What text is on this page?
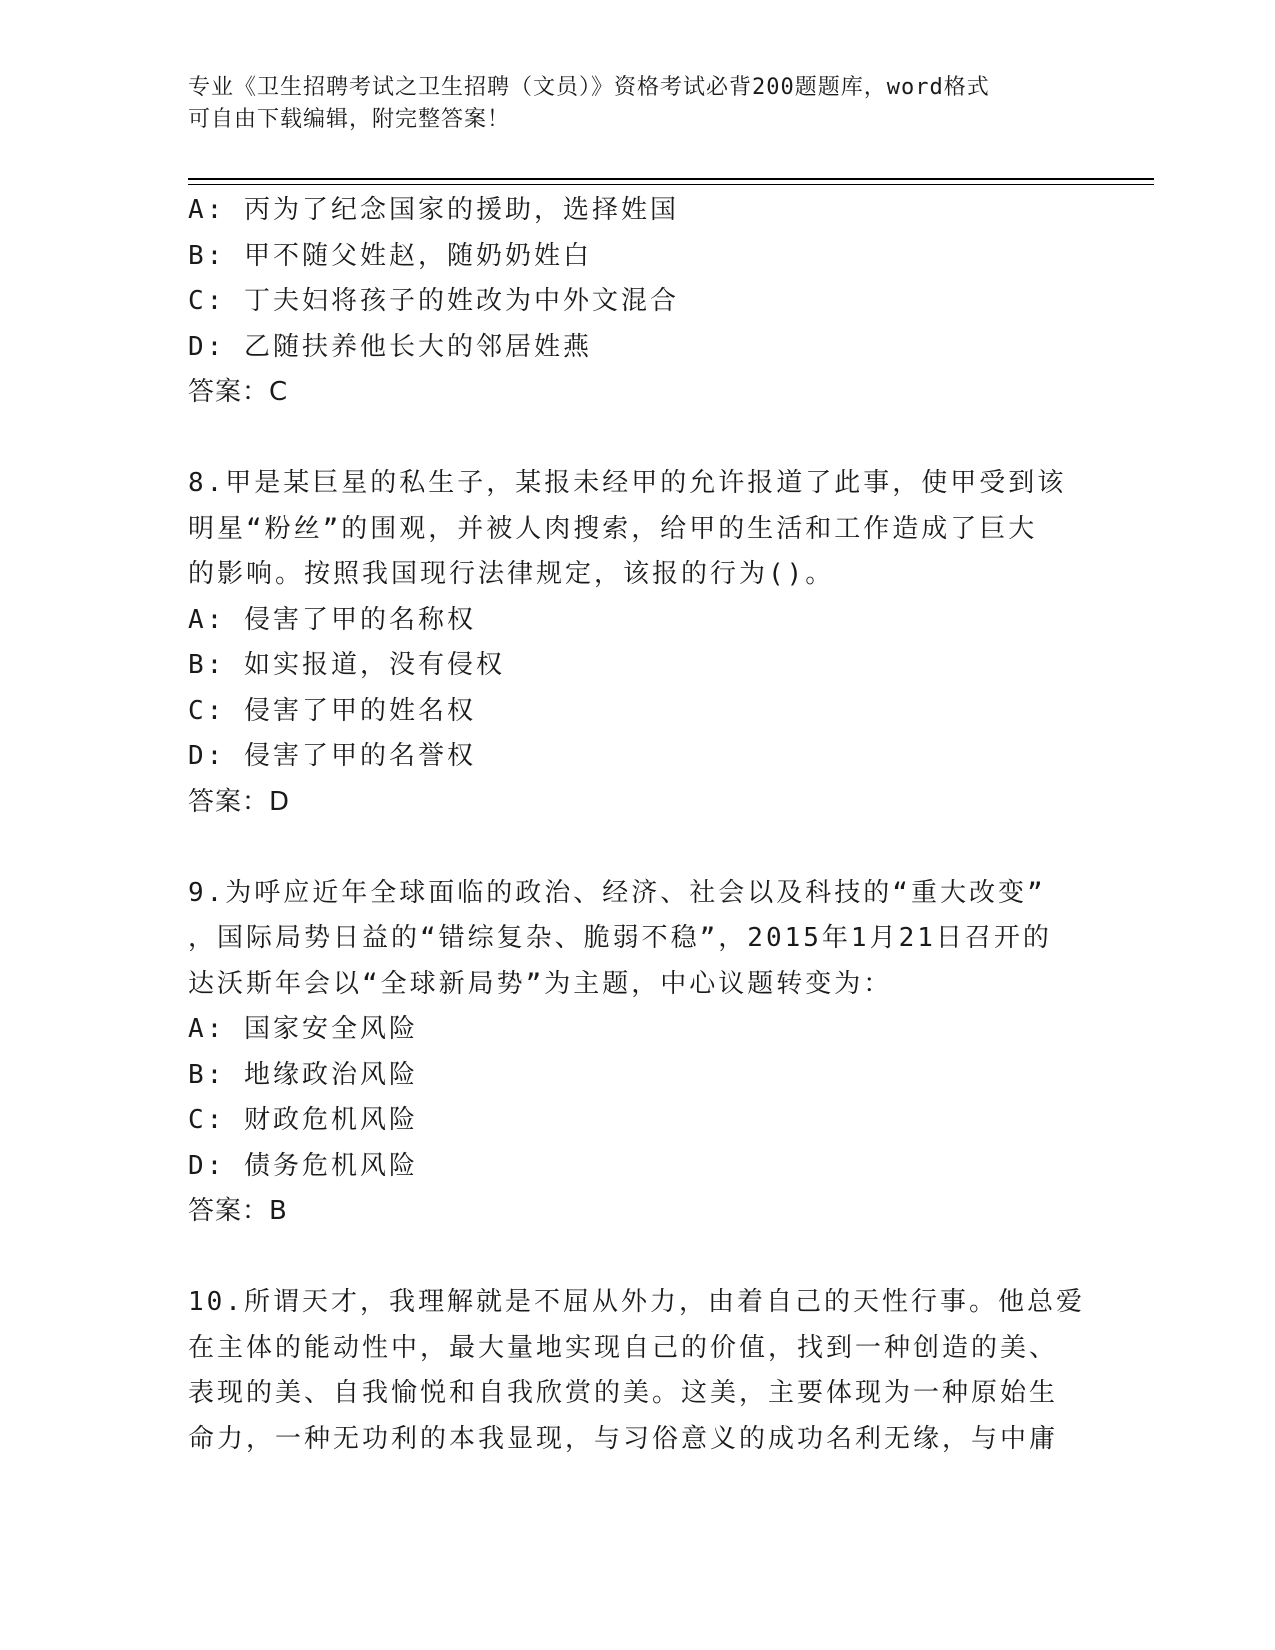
专业《卫生招聘考试之卫生招聘（文员）》资格考试必背200题题库，word格式
可自由下载编辑，附完整答案！
A: 丙为了纪念国家的援助，选择姓国
B: 甲不随父姓赵，随奶奶姓白
C: 丁夫妇将孩子的姓改为中外文混合
D: 乙随扶养他长大的邻居姓燕
答案：C
8.甲是某巨星的私生子，某报未经甲的允许报道了此事，使甲受到该
明星“粉丝”的围观，并被人肉搜索，给甲的生活和工作造成了巨大
的影响。按照我国现行法律规定，该报的行为()。
A: 侵害了甲的名称权
B: 如实报道，没有侵权
C: 侵害了甲的姓名权
D: 侵害了甲的名誉权
答案：D
9.为呼应近年全球面临的政治、经济、社会以及科技的“重大改变”
，国际局势日益的“错综复杂、脆弱不稳”，2015年1月21日召开的
达沃斯年会以“全球新局势”为主题，中心议题转变为：
A: 国家安全风险
B: 地缘政治风险
C: 财政危机风险
D: 债务危机风险
答案：B
10.所谓天才，我理解就是不屈从外力，由着自己的天性行事。他总爱
在主体的能动性中，最大量地实现自己的价值，找到一种创造的美、
表现的美、自我愉悦和自我欣赏的美。这美，主要体现为一种原始生
命力，一种无功利的本我显现，与习俗意义的成功名利无缘，与中庸
